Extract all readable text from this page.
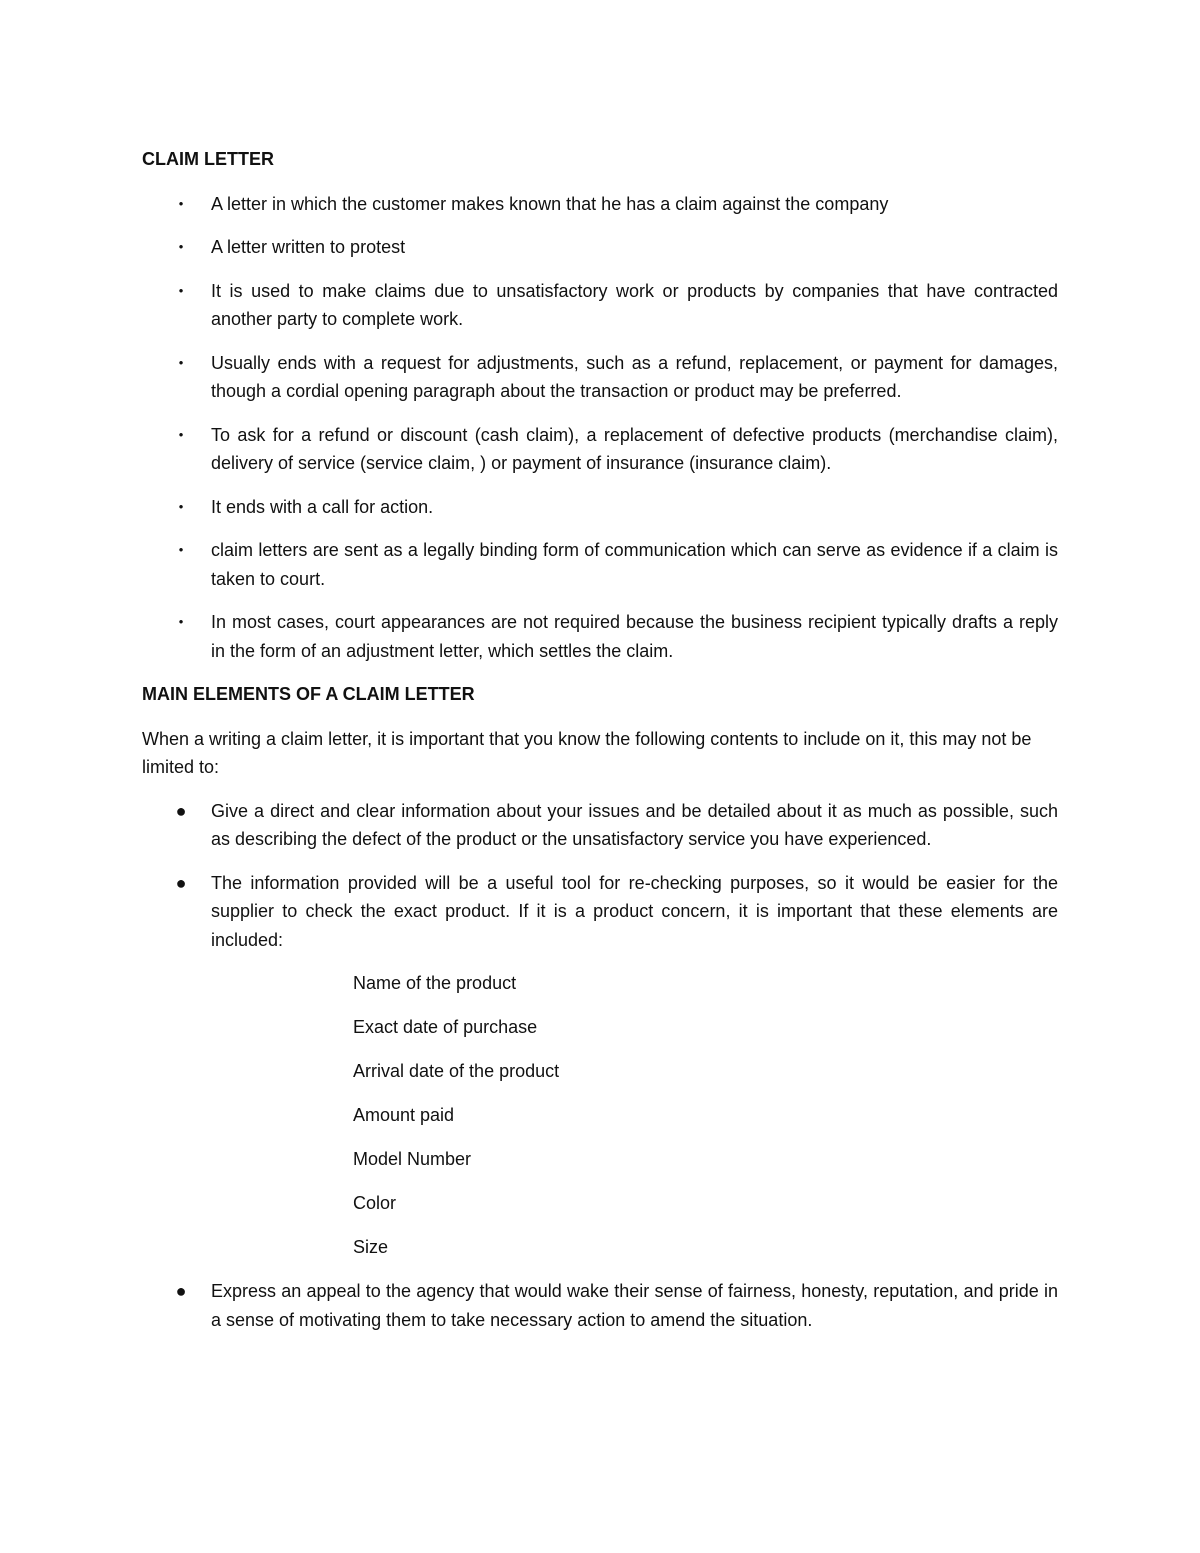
CLAIM LETTER
• A letter in which the customer makes known that he has a claim against the company
• A letter written to protest
• It is used to make claims due to unsatisfactory work or products by companies that have contracted another party to complete work.
• Usually ends with a request for adjustments, such as a refund, replacement, or payment for damages, though a cordial opening paragraph about the transaction or product may be preferred.
• To ask for a refund or discount (cash claim), a replacement of defective products (merchandise claim), delivery of service (service claim, ) or payment of insurance (insurance claim).
• It ends with a call for action.
• claim letters are sent as a legally binding form of communication which can serve as evidence if a claim is taken to court.
• In most cases, court appearances are not required because the business recipient typically drafts a reply in the form of an adjustment letter, which settles the claim.
MAIN ELEMENTS OF A CLAIM LETTER

When a writing a claim letter, it is important that you know the following contents to include on it, this may not be limited to:

● Give a direct and clear information about your issues and be detailed about it as much as possible, such as describing the defect of the product or the unsatisfactory service you have experienced.
● The information provided will be a useful tool for re-checking purposes, so it would be easier for the supplier to check the exact product. If it is a product concern, it is important that these elements are included:
Name of the product
Exact date of purchase
Arrival date of the product
Amount paid
Model Number
Color
Size
● Express an appeal to the agency that would wake their sense of fairness, honesty, reputation, and pride in a sense of motivating them to take necessary action to amend the situation.
